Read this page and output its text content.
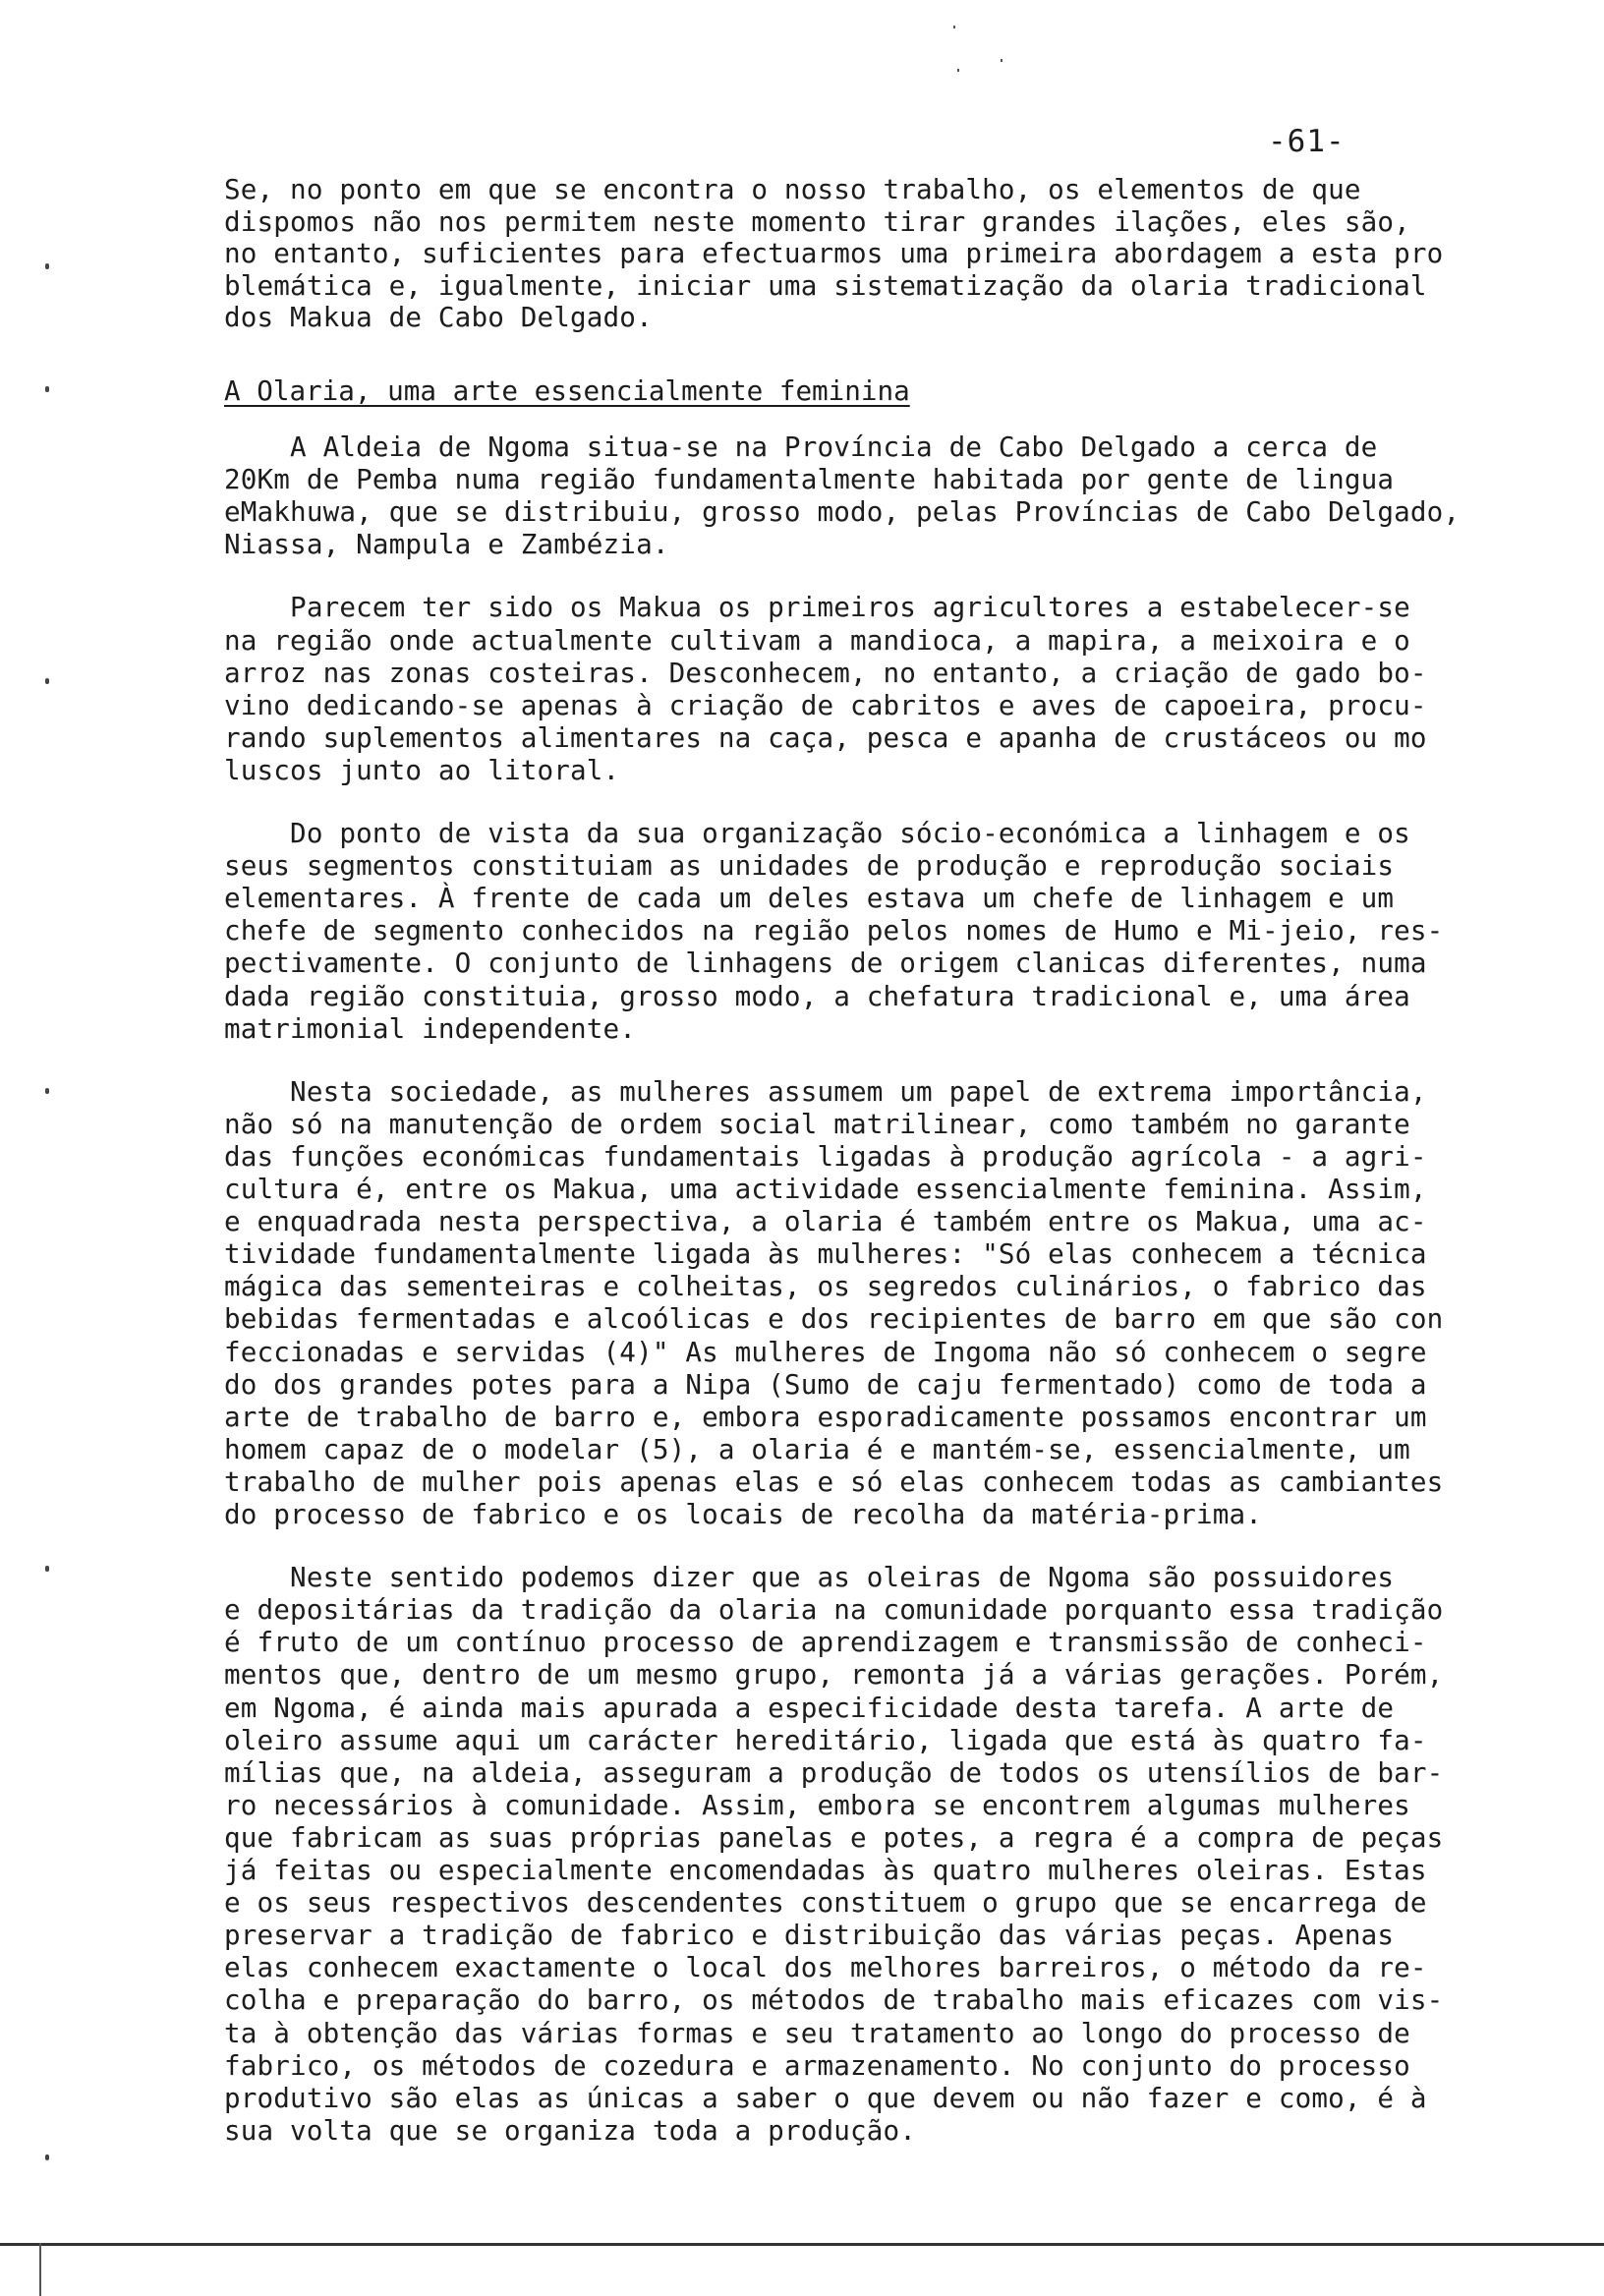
-61-
Se, no ponto em que se encontra o nosso trabalho, os elementos de que
dispomos não nos permitem neste momento tirar grandes ilações, eles são,
no entanto, suficientes para efectuarmos uma primeira abordagem a esta pro
blemática e, igualmente, iniciar uma sistematização da olaria tradicional
dos Makua de Cabo Delgado.
A Olaria, uma arte essencialmente feminina
A Aldeia de Ngoma situa-se na Província de Cabo Delgado a cerca de
20Km de Pemba numa região fundamentalmente habitada por gente de lingua
eMakhuwa, que se distribuiu, grosso modo, pelas Províncias de Cabo Delgado,
Niassa, Nampula e Zambézia.
Parecem ter sido os Makua os primeiros agricultores a estabelecer-se
na região onde actualmente cultivam a mandioca, a mapira, a meixoira e o
arroz nas zonas costeiras. Desconhecem, no entanto, a criação de gado bo-
vino dedicando-se apenas à criação de cabritos e aves de capoeira, procu-
rando suplementos alimentares na caça, pesca e apanha de crustáceos ou mo
luscos junto ao litoral.
Do ponto de vista da sua organização sócio-económica a linhagem e os
seus segmentos constituiam as unidades de produção e reprodução sociais
elementares. À frente de cada um deles estava um chefe de linhagem e um
chefe de segmento conhecidos na região pelos nomes de Humo e Mi-jeio, res-
pectivamente. O conjunto de linhagens de origem clanicas diferentes, numa
dada região constituia, grosso modo, a chefatura tradicional e, uma área
matrimonial independente.
Nesta sociedade, as mulheres assumem um papel de extrema importância,
não só na manutenção de ordem social matrilinear, como também no garante
das funções económicas fundamentais ligadas à produção agrícola - a agri-
cultura é, entre os Makua, uma actividade essencialmente feminina. Assim,
e enquadrada nesta perspectiva, a olaria é também entre os Makua, uma ac-
tividade fundamentalmente ligada às mulheres: "Só elas conhecem a técnica
mágica das sementeiras e colheitas, os segredos culinários, o fabrico das
bebidas fermentadas e alcoólicas e dos recipientes de barro em que são con
feccionadas e servidas (4)" As mulheres de Ingoma não só conhecem o segre
do dos grandes potes para a Nipa (Sumo de caju fermentado) como de toda a
arte de trabalho de barro e, embora esporadicamente possamos encontrar um
homem capaz de o modelar (5), a olaria é e mantém-se, essencialmente, um
trabalho de mulher pois apenas elas e só elas conhecem todas as cambiantes
do processo de fabrico e os locais de recolha da matéria-prima.
Neste sentido podemos dizer que as oleiras de Ngoma são possuidores
e depositárias da tradição da olaria na comunidade porquanto essa tradição
é fruto de um contínuo processo de aprendizagem e transmissão de conheci-
mentos que, dentro de um mesmo grupo, remonta já a várias gerações. Porém,
em Ngoma, é ainda mais apurada a especificidade desta tarefa. A arte de
oleiro assume aqui um carácter hereditário, ligada que está às quatro fa-
mílias que, na aldeia, asseguram a produção de todos os utensílios de bar-
ro necessários à comunidade. Assim, embora se encontrem algumas mulheres
que fabricam as suas próprias panelas e potes, a regra é a compra de peças
já feitas ou especialmente encomendadas às quatro mulheres oleiras. Estas
e os seus respectivos descendentes constituem o grupo que se encarrega de
preservar a tradição de fabrico e distribuição das várias peças. Apenas
elas conhecem exactamente o local dos melhores barreiros, o método da re-
colha e preparação do barro, os métodos de trabalho mais eficazes com vis-
ta à obtenção das várias formas e seu tratamento ao longo do processo de
fabrico, os métodos de cozedura e armazenamento. No conjunto do processo
produtivo são elas as únicas a saber o que devem ou não fazer e como, é à
sua volta que se organiza toda a produção.
